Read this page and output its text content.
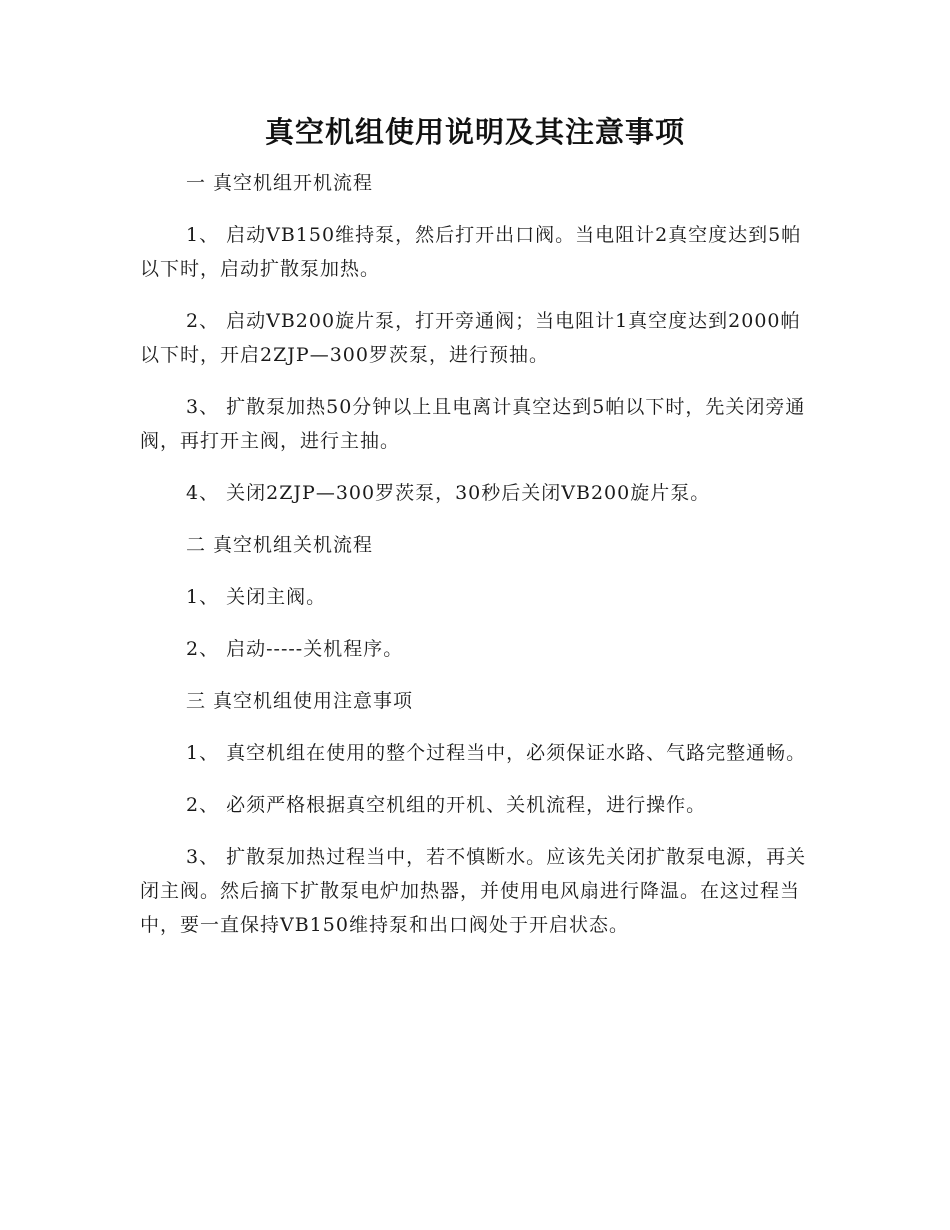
真空机组使用说明及其注意事项
一 真空机组开机流程
1、 启动VB150维持泵，然后打开出口阀。当电阻计2真空度达到5帕以下时，启动扩散泵加热。
2、 启动VB200旋片泵，打开旁通阀；当电阻计1真空度达到2000帕以下时，开启2ZJP—300罗茨泵，进行预抽。
3、 扩散泵加热50分钟以上且电离计真空达到5帕以下时，先关闭旁通阀，再打开主阀，进行主抽。
4、 关闭2ZJP—300罗茨泵，30秒后关闭VB200旋片泵。
二 真空机组关机流程
1、 关闭主阀。
2、 启动-----关机程序。
三 真空机组使用注意事项
1、 真空机组在使用的整个过程当中，必须保证水路、气路完整通畅。
2、 必须严格根据真空机组的开机、关机流程，进行操作。
3、 扩散泵加热过程当中，若不慎断水。应该先关闭扩散泵电源，再关闭主阀。然后摘下扩散泵电炉加热器，并使用电风扇进行降温。在这过程当中，要一直保持VB150维持泵和出口阀处于开启状态。
